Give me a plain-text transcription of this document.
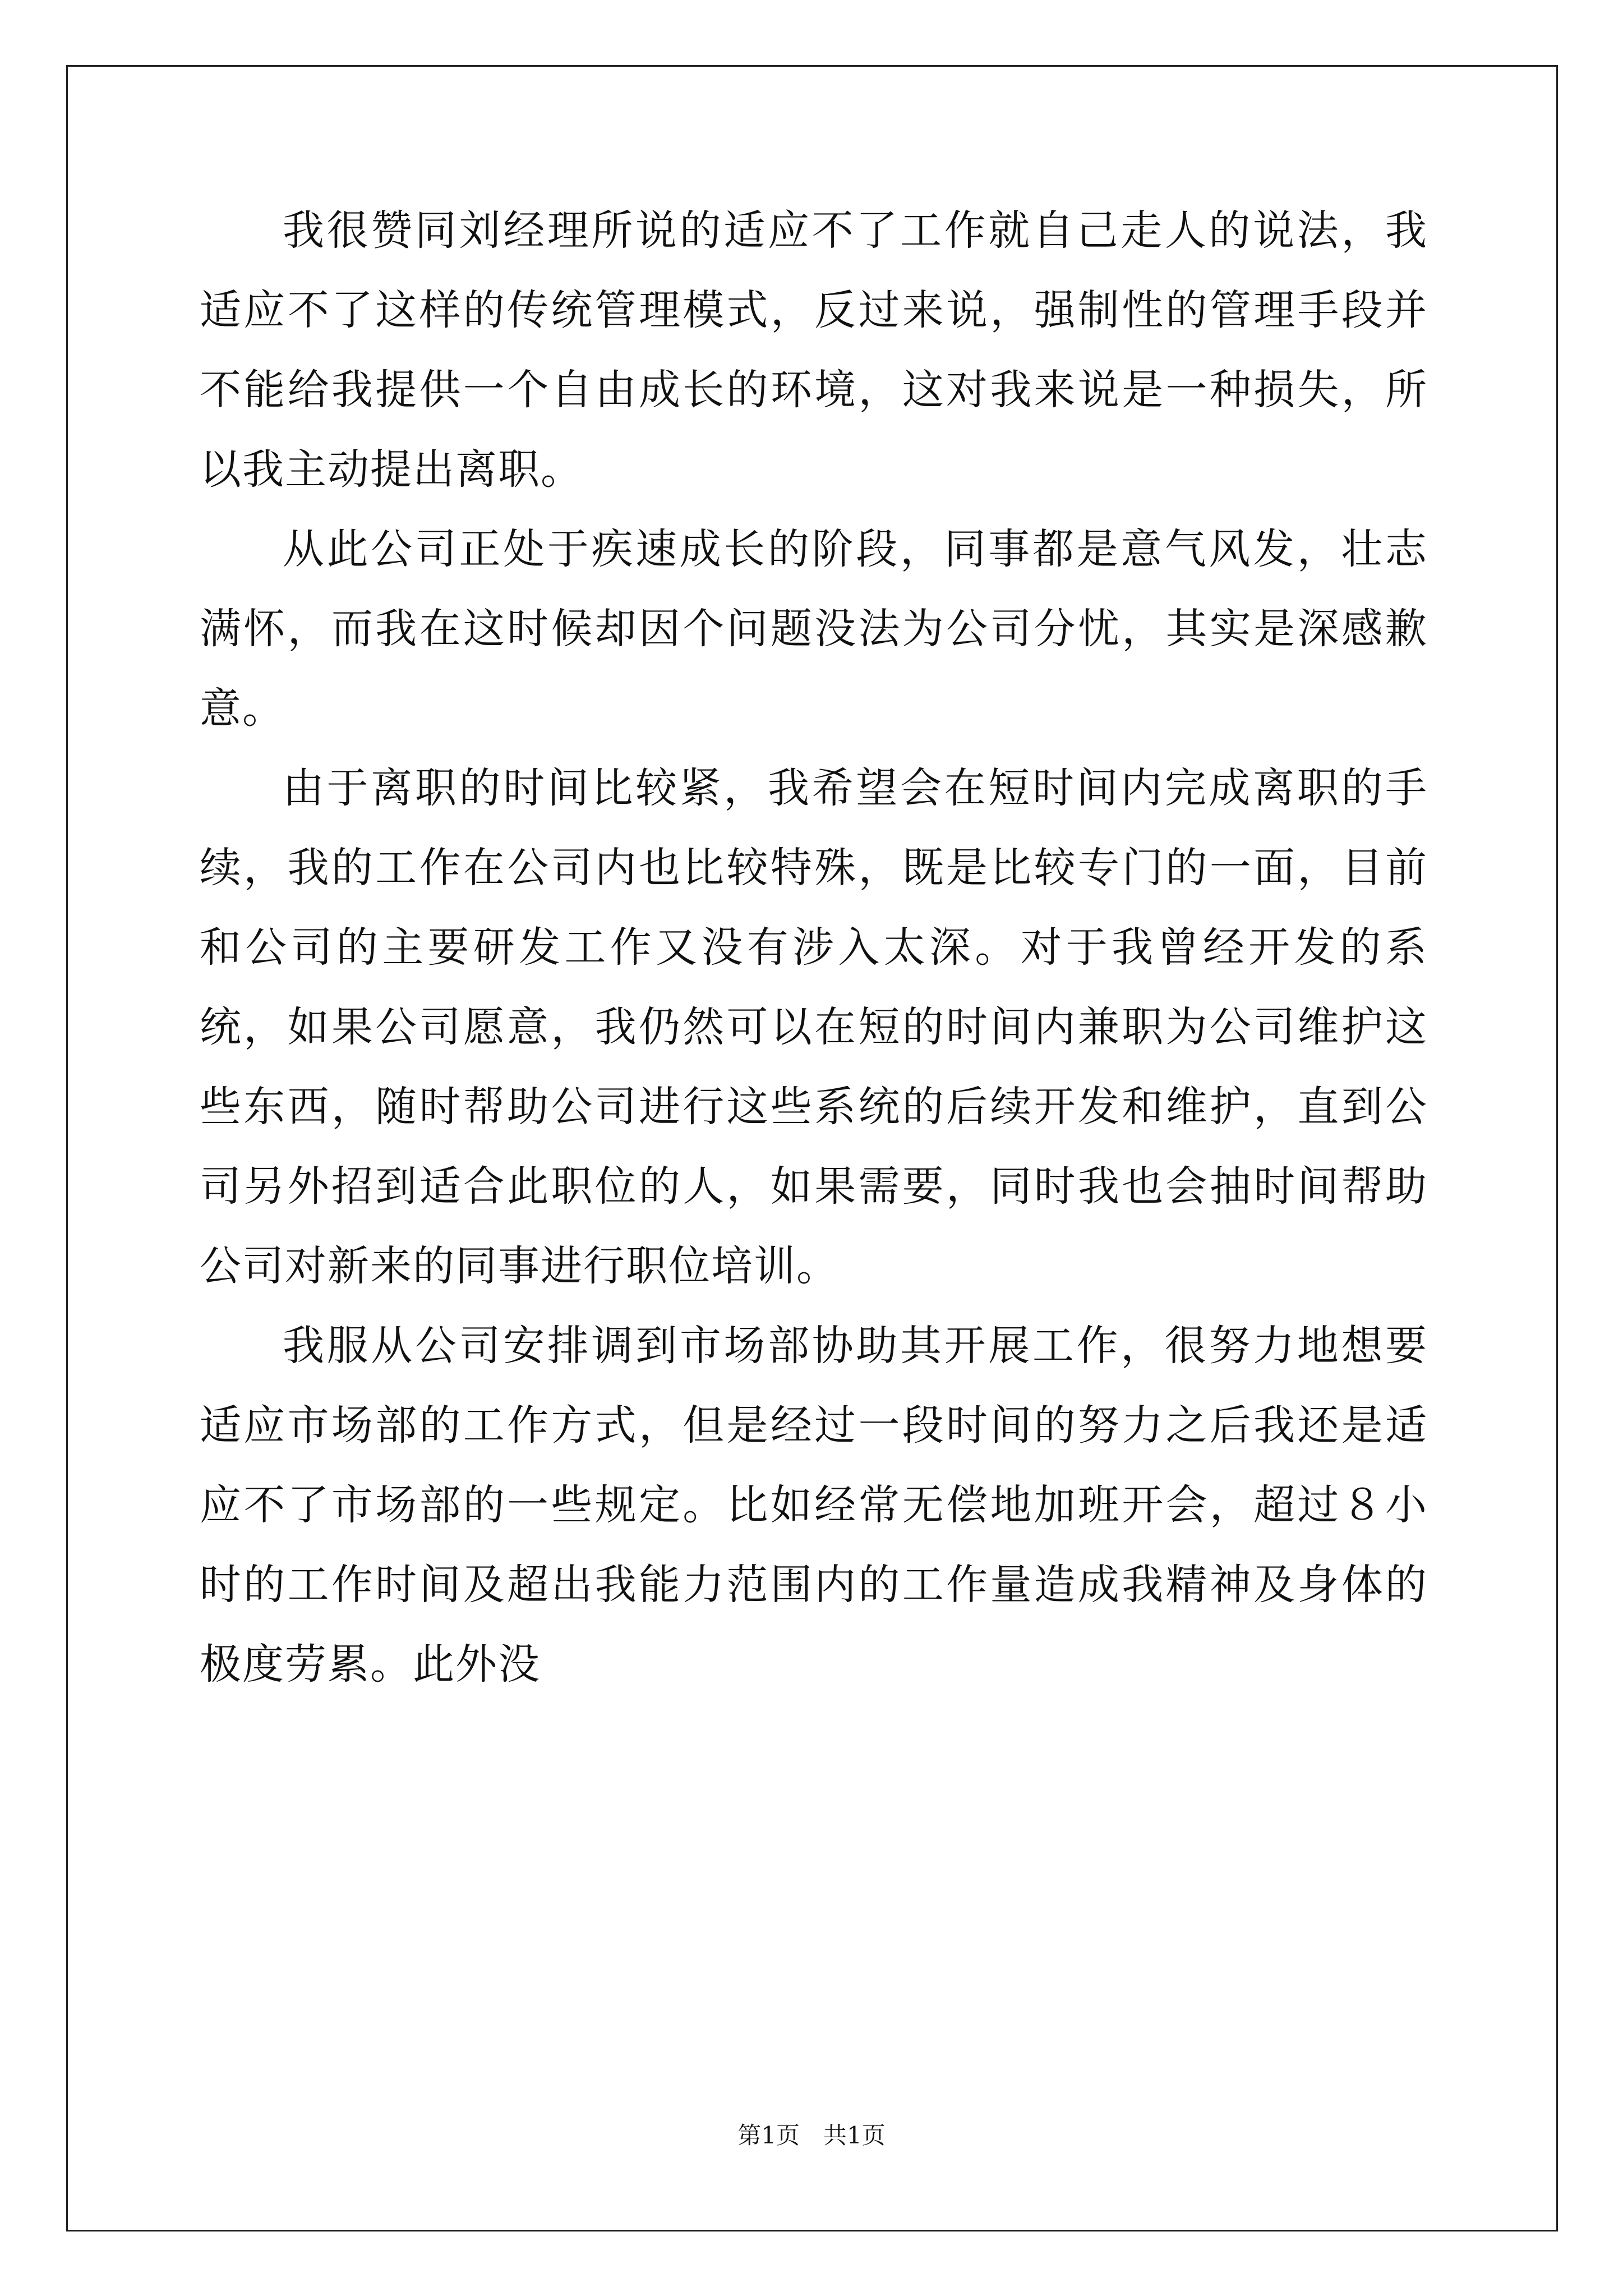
我很赞同刘经理所说的适应不了工作就自己走人的说法，我适应不了这样的传统管理模式，反过来说，强制性的管理手段并不能给我提供一个自由成长的环境，这对我来说是一种损失，所以我主动提出离职。

从此公司正处于疾速成长的阶段，同事都是意气风发，壮志满怀，而我在这时候却因个问题没法为公司分忧，其实是深感歉意。

由于离职的时间比较紧，我希望会在短时间内完成离职的手续，我的工作在公司内也比较特殊，既是比较专门的一面，目前和公司的主要研发工作又没有涉入太深。对于我曾经开发的系统，如果公司愿意，我仍然可以在短的时间内兼职为公司维护这些东西，随时帮助公司进行这些系统的后续开发和维护，直到公司另外招到适合此职位的人，如果需要，同时我也会抽时间帮助公司对新来的同事进行职位培训。

我服从公司安排调到市场部协助其开展工作，很努力地想要适应市场部的工作方式，但是经过一段时间的努力之后我还是适应不了市场部的一些规定。比如经常无偿地加班开会，超过８小时的工作时间及超出我能力范围内的工作量造成我精神及身体的极度劳累。此外没

第1页　共1页
